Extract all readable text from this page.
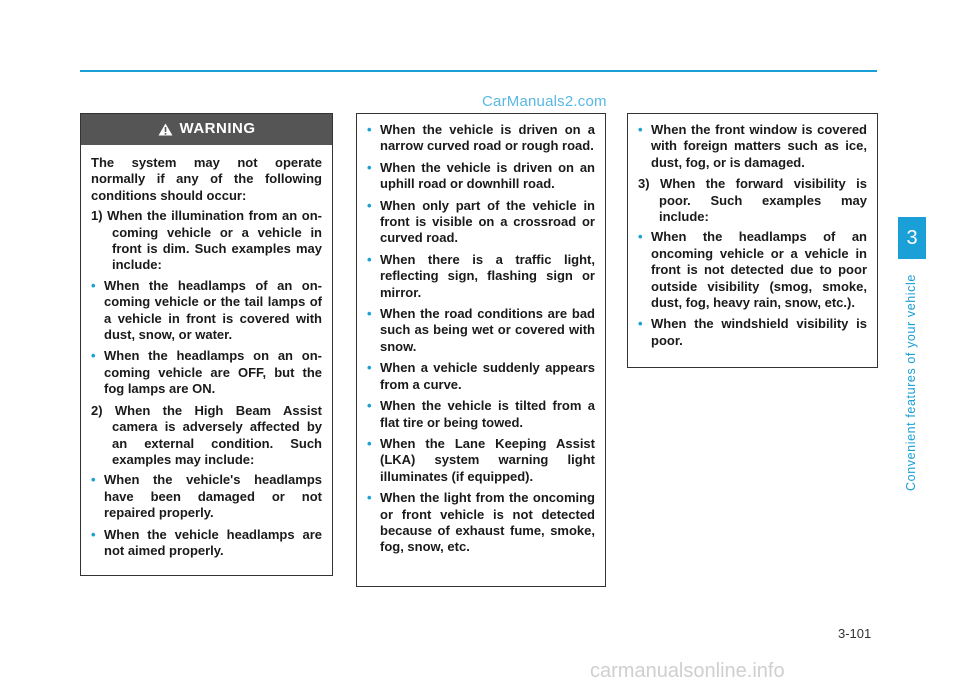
CarManuals2.com
3
Convenient features of your vehicle
WARNING

The system may not operate normally if any of the following conditions should occur:

1) When the illumination from an on-coming vehicle or a vehicle in front is dim. Such examples may include:

• When the headlamps of an on-coming vehicle or the tail lamps of a vehicle in front is covered with dust, snow, or water.
• When the headlamps on an on-coming vehicle are OFF, but the fog lamps are ON.

2) When the High Beam Assist camera is adversely affected by an external condition. Such examples may include:

• When the vehicle's headlamps have been damaged or not repaired properly.
• When the vehicle headlamps are not aimed properly.
• When the vehicle is driven on a narrow curved road or rough road.
• When the vehicle is driven on an uphill road or downhill road.
• When only part of the vehicle in front is visible on a crossroad or curved road.
• When there is a traffic light, reflecting sign, flashing sign or mirror.
• When the road conditions are bad such as being wet or covered with snow.
• When a vehicle suddenly appears from a curve.
• When the vehicle is tilted from a flat tire or being towed.
• When the Lane Keeping Assist (LKA) system warning light illuminates (if equipped).
• When the light from the oncoming or front vehicle is not detected because of exhaust fume, smoke, fog, snow, etc.
• When the front window is covered with foreign matters such as ice, dust, fog, or is damaged.

3) When the forward visibility is poor. Such examples may include:

• When the headlamps of an oncoming vehicle or a vehicle in front is not detected due to poor outside visibility (smog, smoke, dust, fog, heavy rain, snow, etc.).
• When the windshield visibility is poor.
3-101
carmanualsonline.info
